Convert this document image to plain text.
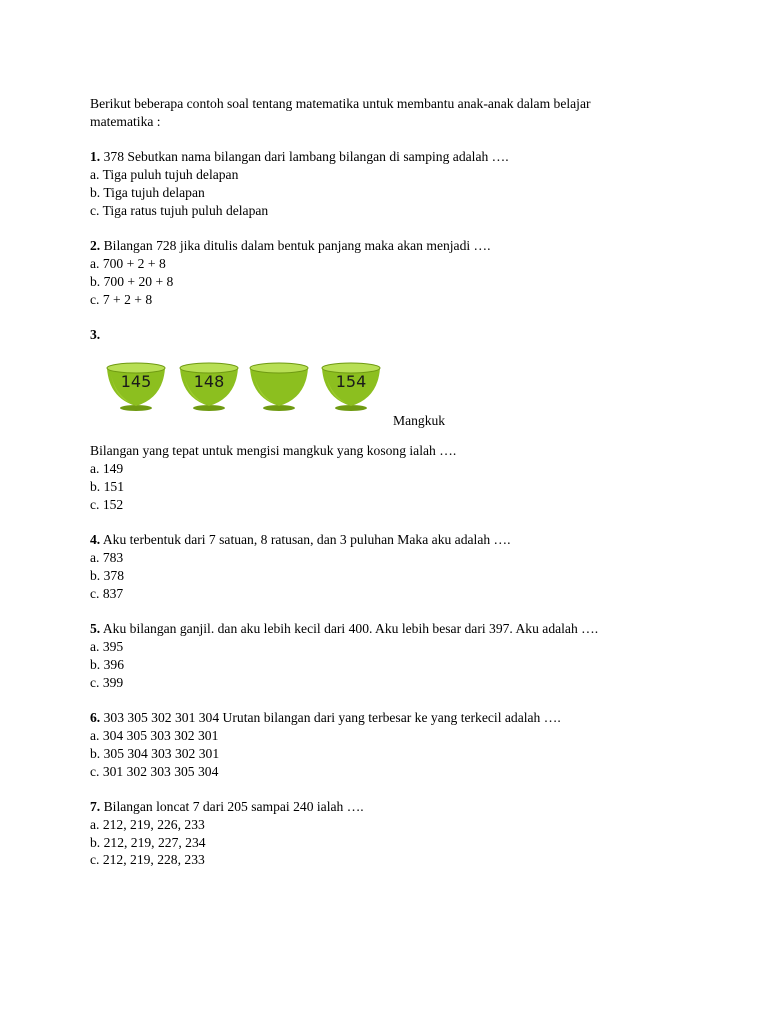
Berikut beberapa contoh soal tentang matematika untuk membantu anak-anak dalam belajar
matematika :
1. 378 Sebutkan nama bilangan dari lambang bilangan di samping adalah ….
a. Tiga puluh tujuh delapan
b. Tiga tujuh delapan
c. Tiga ratus tujuh puluh delapan
2. Bilangan 728 jika ditulis dalam bentuk panjang maka akan menjadi ….
a. 700 + 2 + 8
b. 700 + 20 + 8
c. 7 + 2 + 8
3.
145	148	154
Mangkuk
Bilangan yang tepat untuk mengisi mangkuk yang kosong ialah ….
a. 149
b. 151
c. 152
4. Aku terbentuk dari 7 satuan, 8 ratusan, dan 3 puluhan Maka aku adalah ….
a. 783
b. 378
c. 837
5. Aku bilangan ganjil. dan aku lebih kecil dari 400. Aku lebih besar dari 397. Aku adalah ….
a. 395
b. 396
c. 399
6. 303 305 302 301 304 Urutan bilangan dari yang terbesar ke yang terkecil adalah ….
a. 304 305 303 302 301
b. 305 304 303 302 301
c. 301 302 303 305 304
7. Bilangan loncat 7 dari 205 sampai 240 ialah ….
a. 212, 219, 226, 233
b. 212, 219, 227, 234
c. 212, 219, 228, 233
